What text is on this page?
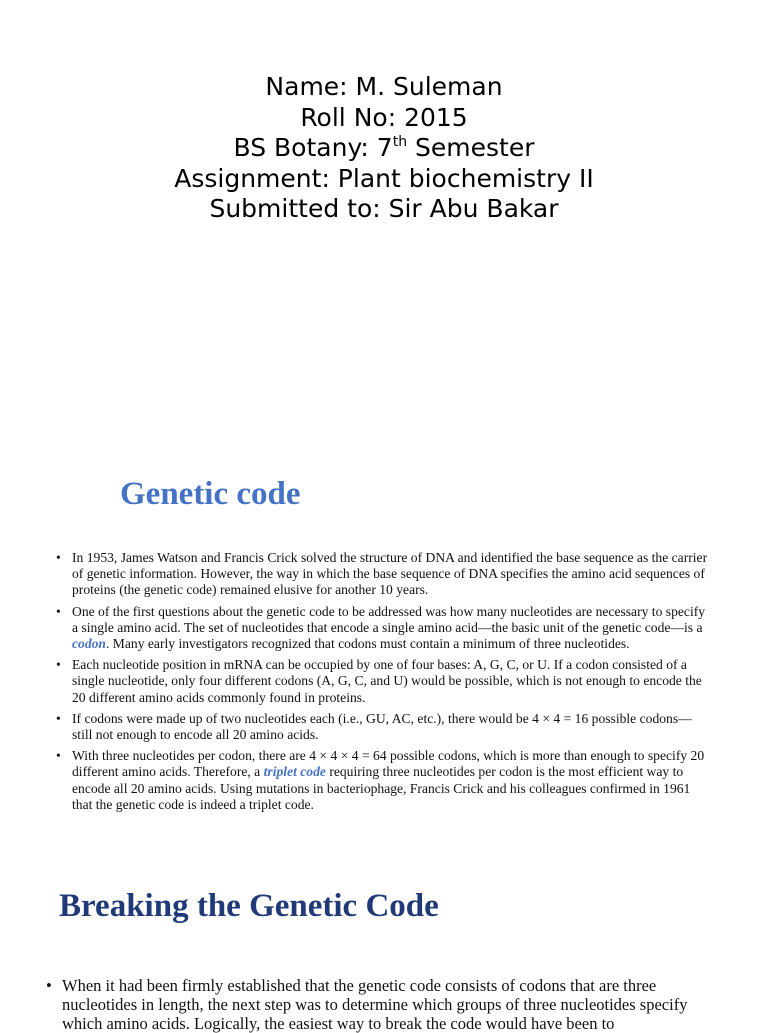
Name: M. Suleman
Roll No: 2015
BS Botany: 7th Semester
Assignment: Plant biochemistry II
Submitted to: Sir Abu Bakar
Genetic code
• In 1953, James Watson and Francis Crick solved the structure of DNA and identified the base sequence as the carrier of genetic information. However, the way in which the base sequence of DNA specifies the amino acid sequences of proteins (the genetic code) remained elusive for another 10 years.
• One of the first questions about the genetic code to be addressed was how many nucleotides are necessary to specify a single amino acid. The set of nucleotides that encode a single amino acid—the basic unit of the genetic code—is a codon. Many early investigators recognized that codons must contain a minimum of three nucleotides.
• Each nucleotide position in mRNA can be occupied by one of four bases: A, G, C, or U. If a codon consisted of a single nucleotide, only four different codons (A, G, C, and U) would be possible, which is not enough to encode the 20 different amino acids commonly found in proteins.
• If codons were made up of two nucleotides each (i.e., GU, AC, etc.), there would be 4 × 4 = 16 possible codons—still not enough to encode all 20 amino acids.
• With three nucleotides per codon, there are 4 × 4 × 4 = 64 possible codons, which is more than enough to specify 20 different amino acids. Therefore, a triplet code requiring three nucleotides per codon is the most efficient way to encode all 20 amino acids. Using mutations in bacteriophage, Francis Crick and his colleagues confirmed in 1961 that the genetic code is indeed a triplet code.
Breaking the Genetic Code
• When it had been firmly established that the genetic code consists of codons that are three nucleotides in length, the next step was to determine which groups of three nucleotides specify which amino acids. Logically, the easiest way to break the code would have been to
